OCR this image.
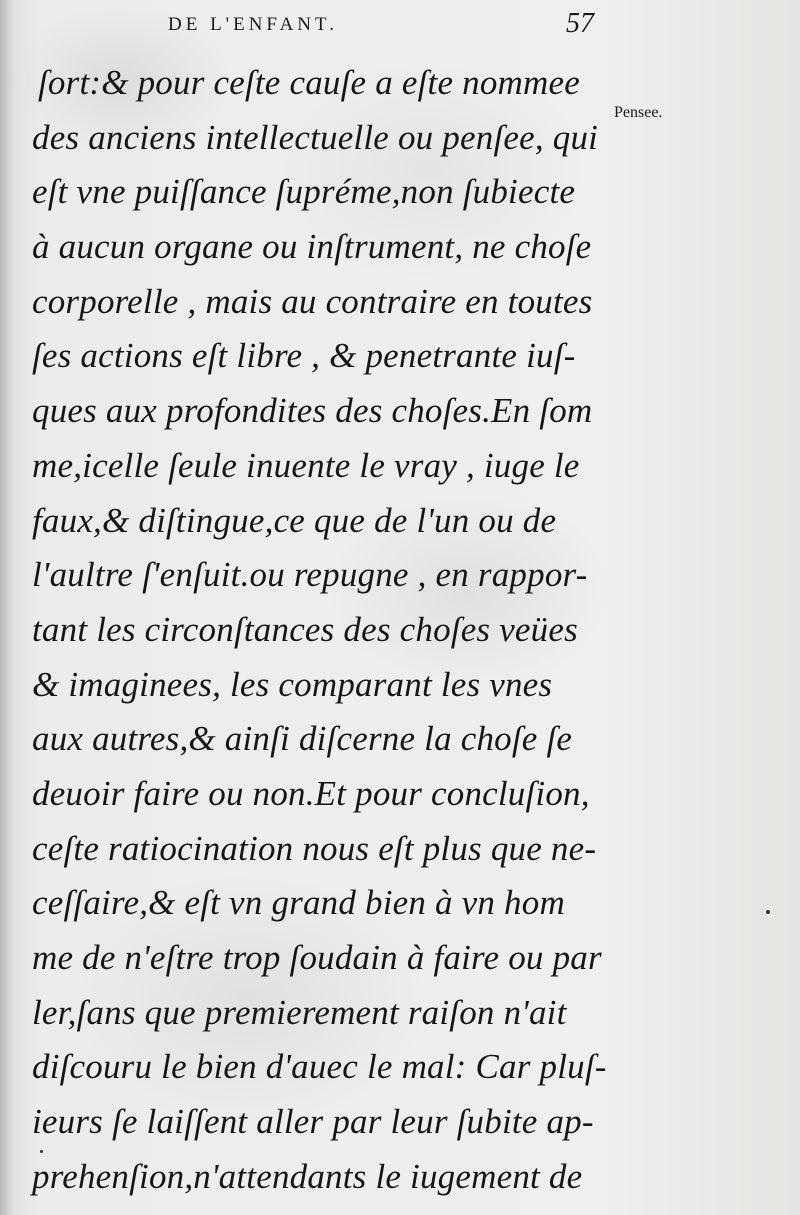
DE L'ENFANT.	57
Pensee.
ſort:& pour ceſte cauſe a eſte nommee
des anciens intellectuelle ou penſee, qui
eſt vne puiſſance ſupréme,non ſubiecte
à aucun organe ou inſtrument, ne choſe
corporelle , mais au contraire en toutes
ſes actions eſt libre , & penetrante iuſ-
ques aux profondites des choſes.En ſom
me,icelle ſeule inuente le vray , iuge le
faux,& diſtingue,ce que de l'un ou de
l'aultre ſ'enſuit.ou repugne , en rappor-
tant les circonſtances des choſes veües
& imaginees, les comparant les vnes
aux autres,& ainſi diſcerne la choſe ſe
deuoir faire ou non.Et pour concluſion,
ceſte ratiocination nous eſt plus que ne-
ceſſaire,& eſt vn grand bien à vn hom
me de n'eſtre trop ſoudain à faire ou par
ler,ſans que premierement raiſon n'ait
diſcouru le bien d'auec le mal: Car pluſ-
ieurs ſe laiſſent aller par leur ſubite ap-
prehenſion,n'attendants le iugement de
